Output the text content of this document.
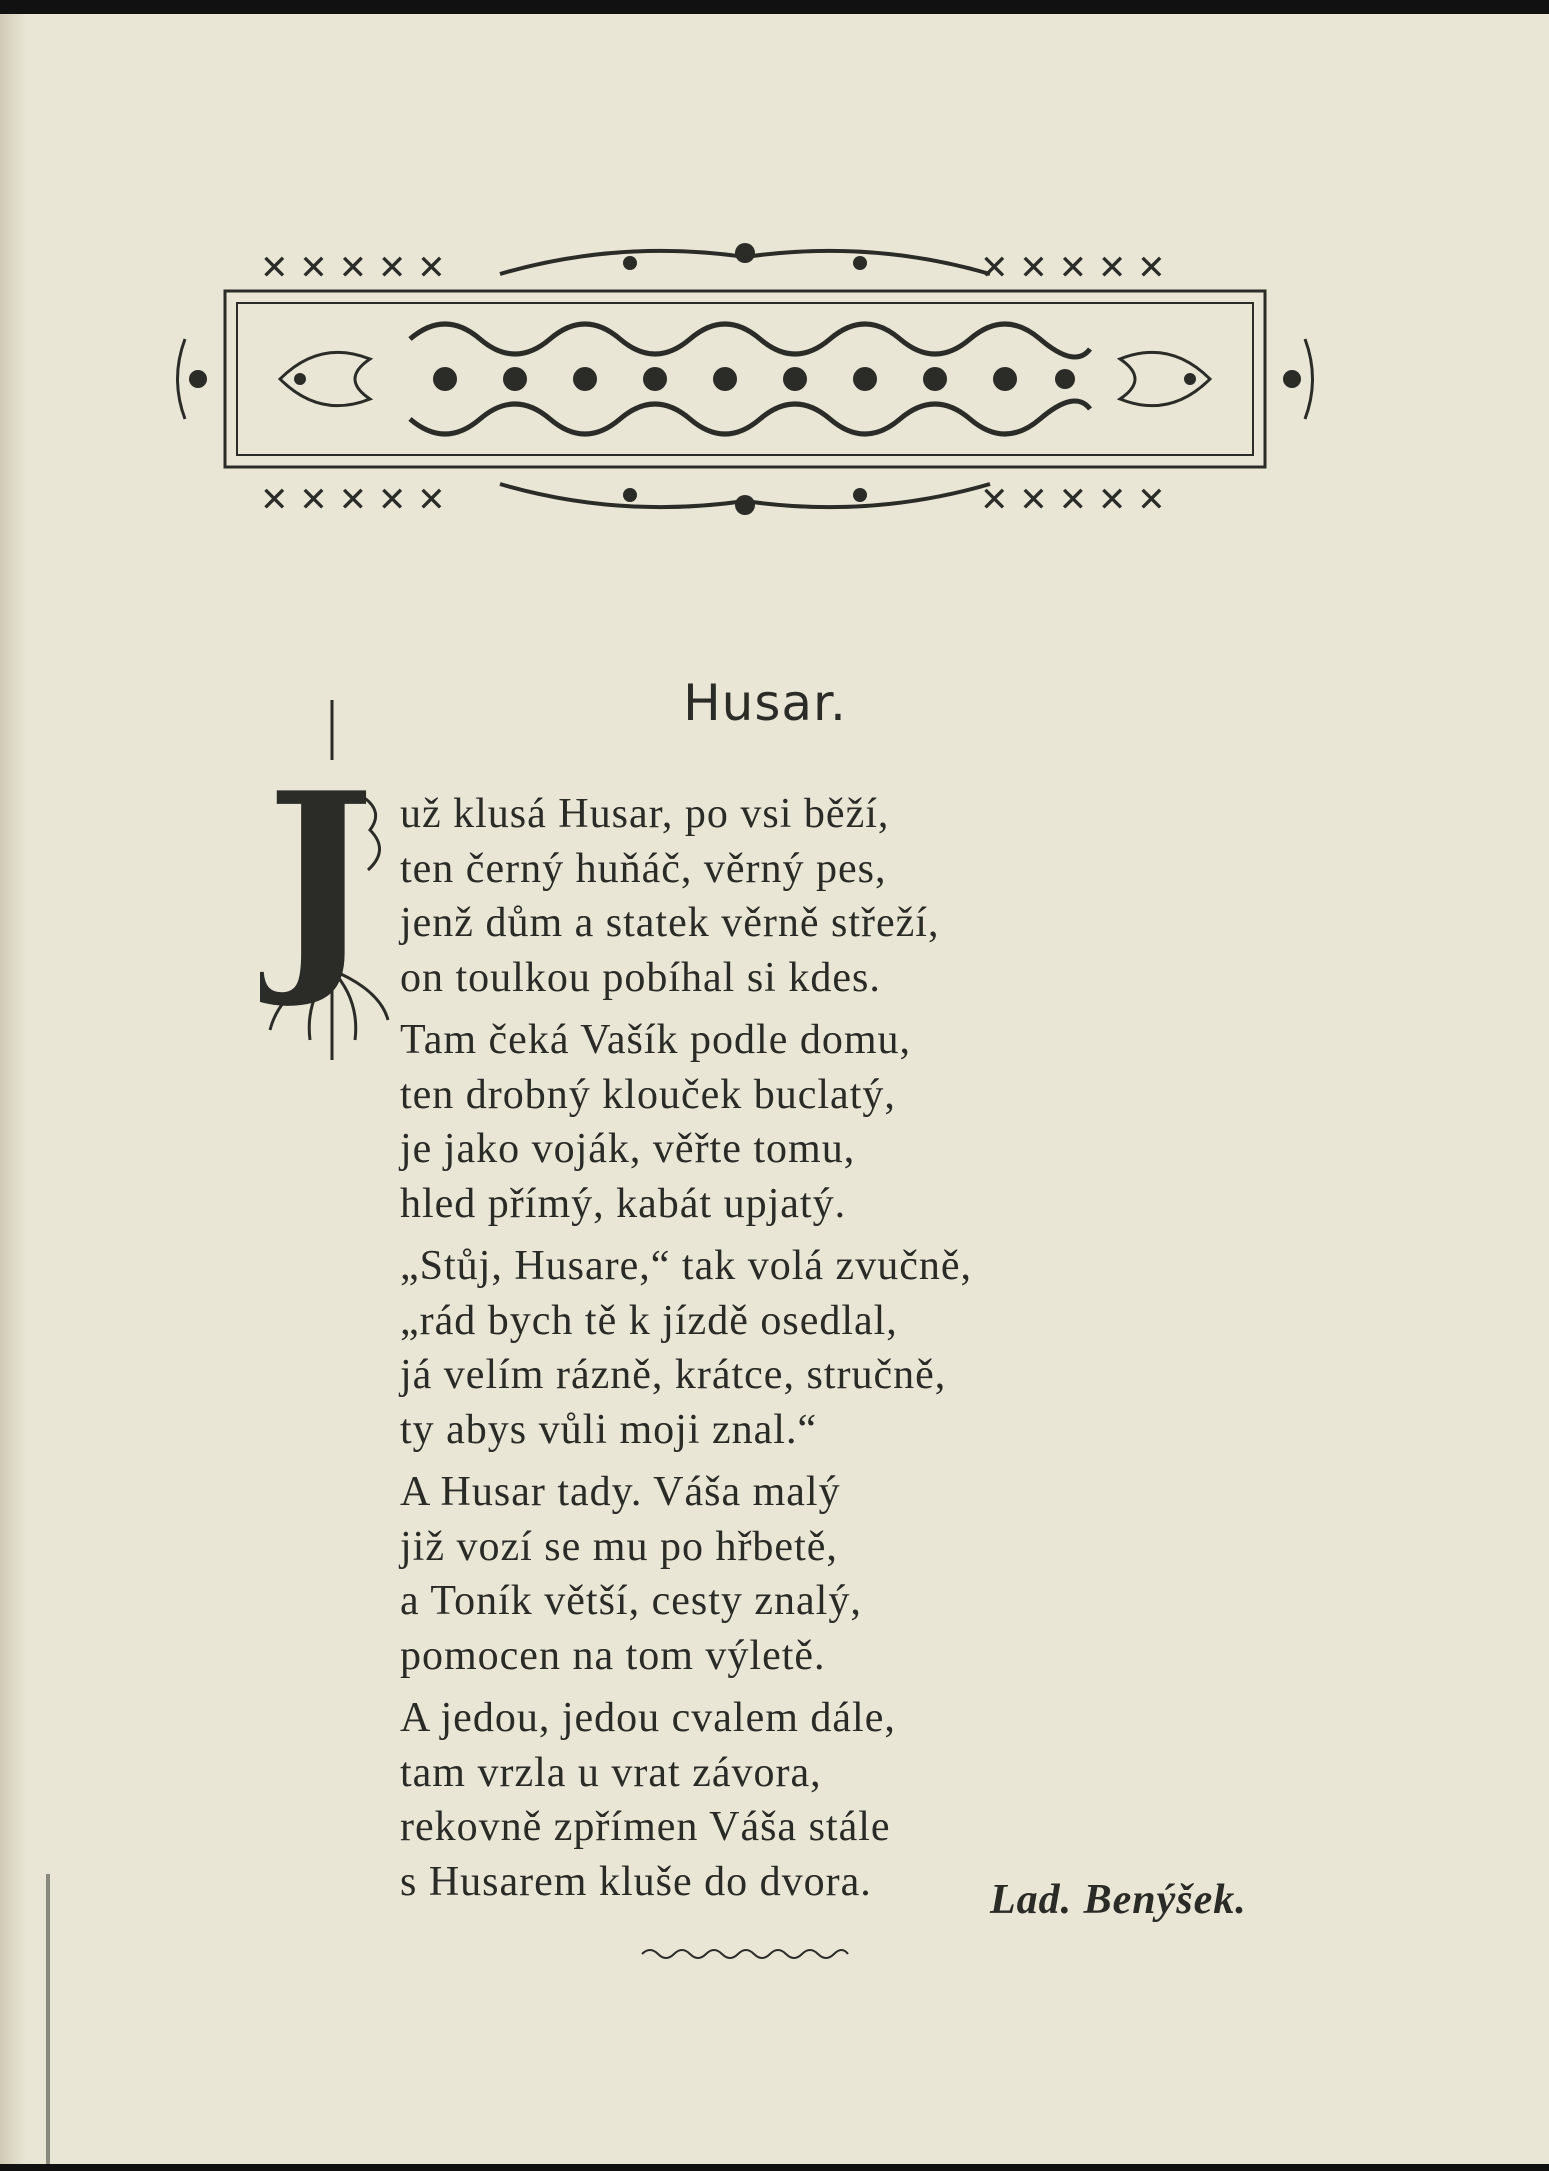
✕ ✕ ✕ ✕ ✕	✕ ✕ ✕ ✕ ✕
✕ ✕ ✕ ✕ ✕	✕ ✕ ✕ ✕ ✕
Husar.
J už klusá Husar, po vsi běží,
ten černý huňáč, věrný pes,
jenž dům a statek věrně střeží,
on toulkou pobíhal si kdes.
Tam čeká Vašík podle domu,
ten drobný klouček buclatý,
je jako voják, věřte tomu,
hled přímý, kabát upjatý.
„Stůj, Husare,“ tak volá zvučně,
„rád bych tě k jízdě osedlal,
já velím rázně, krátce, stručně,
ty abys vůli moji znal.“
A Husar tady. Váša malý
již vozí se mu po hřbetě,
a Toník větší, cesty znalý,
pomocen na tom výletě.
A jedou, jedou cvalem dále,
tam vrzla u vrat závora,
rekovně zpřímen Váša stále
s Husarem kluše do dvora.	Lad. Benýšek.
